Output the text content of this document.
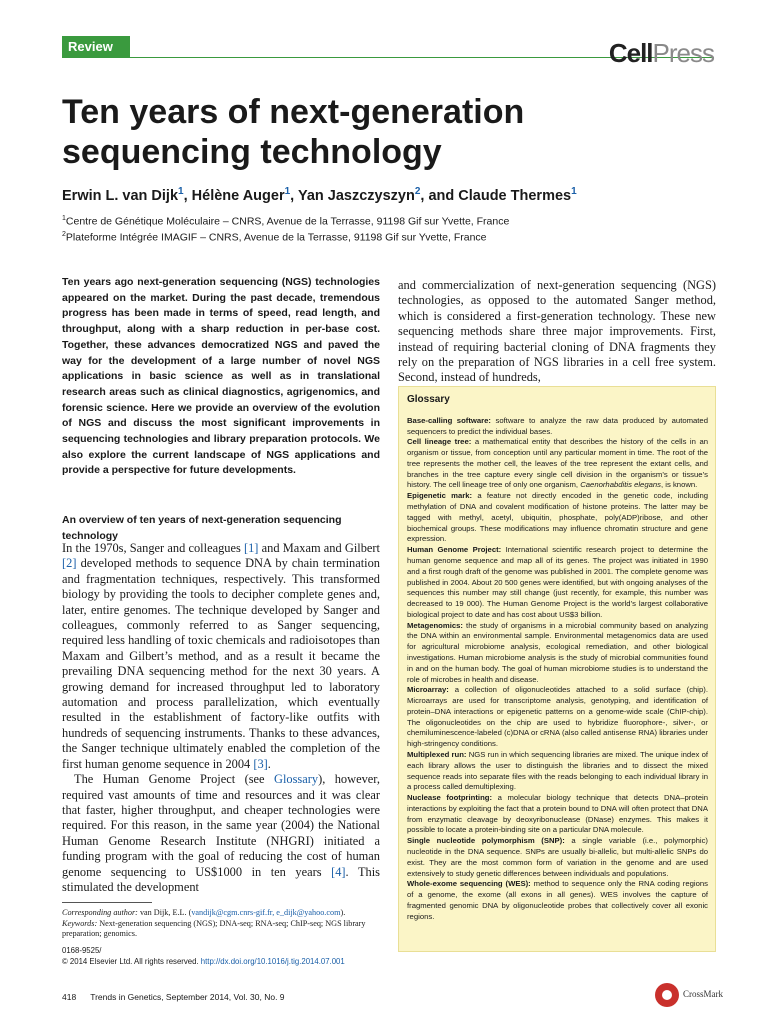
Review	CellPress
Ten years of next-generation sequencing technology
Erwin L. van Dijk$^1$, Hélène Auger$^1$, Yan Jaszczyszyn$^2$, and Claude Thermes$^1$
$^1$Centre de Génétique Moléculaire – CNRS, Avenue de la Terrasse, 91198 Gif sur Yvette, France
$^2$Plateforme Intégrée IMAGIF – CNRS, Avenue de la Terrasse, 91198 Gif sur Yvette, France
Ten years ago next-generation sequencing (NGS) technologies appeared on the market. During the past decade, tremendous progress has been made in terms of speed, read length, and throughput, along with a sharp reduction in per-base cost. Together, these advances democratized NGS and paved the way for the development of a large number of novel NGS applications in basic science as well as in translational research areas such as clinical diagnostics, agrigenomics, and forensic science. Here we provide an overview of the evolution of NGS and discuss the most significant improvements in sequencing technologies and library preparation protocols. We also explore the current landscape of NGS applications and provide a perspective for future developments.
An overview of ten years of next-generation sequencing technology

In the 1970s, Sanger and colleagues [1] and Maxam and Gilbert [2] developed methods to sequence DNA by chain termination and fragmentation techniques, respectively. This transformed biology by providing the tools to decipher complete genes and, later, entire genomes. The technique developed by Sanger and colleagues, commonly referred to as Sanger sequencing, required less handling of toxic chemicals and radioisotopes than Maxam and Gilbert’s method, and as a result it became the prevailing DNA sequencing method for the next 30 years. A growing demand for increased throughput led to laboratory automation and process parallelization, which eventually resulted in the establishment of factory-like outfits with hundreds of sequencing instruments. Thanks to these advances, the Sanger technique ultimately enabled the completion of the first human genome sequence in 2004 [3].

The Human Genome Project (see Glossary), however, required vast amounts of time and resources and it was clear that faster, higher throughput, and cheaper technologies were required. For this reason, in the same year (2004) the National Human Genome Research Institute (NHGRI) initiated a funding program with the goal of reducing the cost of human genome sequencing to US$1000 in ten years [4]. This stimulated the development

and commercialization of next-generation sequencing (NGS) technologies, as opposed to the automated Sanger method, which is considered a first-generation technology. These new sequencing methods share three major improvements. First, instead of requiring bacterial cloning of DNA fragments they rely on the preparation of NGS libraries in a cell free system. Second, instead of hundreds,

Glossary

Base-calling software: software to analyze the raw data produced by automated sequencers to predict the individual bases.

Cell lineage tree: a mathematical entity that describes the history of the cells in an organism or tissue, from conception until any particular moment in time. The root of the tree represents the mother cell, the leaves of the tree represent the extant cells, and branches in the tree capture every single cell division in the organism’s or tissue’s history. The cell lineage tree of only one organism, Caenorhabditis elegans, is known.

Epigenetic mark: a feature not directly encoded in the genetic code, including methylation of DNA and covalent modification of histone proteins. The latter may be tagged with methyl, acetyl, ubiquitin, phosphate, poly(ADP)ribose, and other biochemical groups. These modifications may influence chromatin structure and gene expression.

Human Genome Project: International scientific research project to determine the human genome sequence and map all of its genes. The project was initiated in 1990 and a first rough draft of the genome was published in 2001. The complete genome was published in 2004. About 20 500 genes were identified, but with ongoing analyses of the sequences this number may still change (just recently, for example, this number was decreased to 19 000). The Human Genome Project is the world’s largest collaborative biological project to date and has cost about US$3 billion.

Metagenomics: the study of organisms in a microbial community based on analyzing the DNA within an environmental sample. Environmental metagenomics data are used for agricultural microbiome analysis, ecological remediation, and other biological investigations. Human microbiome analysis is the study of microbial communities found in and on the human body. The goal of human microbiome studies is to understand the role of microbes in health and disease.

Microarray: a collection of oligonucleotides attached to a solid surface (chip). Microarrays are used for transcriptome analysis, genotyping, and identification of protein–DNA interactions or epigenetic patterns on a genome-wide scale (ChIP-chip). The oligonucleotides on the chip are used to hybridize fluorophore-, silver-, or chemiluminescence-labeled (c)DNA or cRNA (also called antisense RNA) libraries under high-stringency conditions.

Multiplexed run: NGS run in which sequencing libraries are mixed. The unique index of each library allows the user to distinguish the libraries and to dissect the mixed sequence reads into separate files with the reads belonging to each individual library in a process called demultiplexing.

Nuclease footprinting: a molecular biology technique that detects DNA–protein interactions by exploiting the fact that a protein bound to DNA will often protect that DNA from enzymatic cleavage by deoxyribonuclease (DNase) enzymes. This makes it possible to locate a protein-binding site on a particular DNA molecule.

Single nucleotide polymorphism (SNP): a single variable (i.e., polymorphic) nucleotide in the DNA sequence. SNPs are usually bi-allelic, but multi-allelic SNPs do exist. They are the most common form of variation in the genome and are used extensively to study genetic differences between individuals and populations.

Whole-exome sequencing (WES): method to sequence only the RNA coding regions of a genome, the exome (all exons in all genes). WES involves the capture of fragmented genomic DNA by oligonucleotide probes that collectively cover all exonic regions.

Corresponding author: van Dijk, E.L. (vandijk@cgm.cnrs-gif.fr, e_dijk@yahoo.com).
Keywords: Next-generation sequencing (NGS); DNA-seq; RNA-seq; ChIP-seq; NGS library preparation; genomics.
0168-9525/
© 2014 Elsevier Ltd. All rights reserved. http://dx.doi.org/10.1016/j.tig.2014.07.001
418 Trends in Genetics, September 2014, Vol. 30, No. 9	CrossMark
